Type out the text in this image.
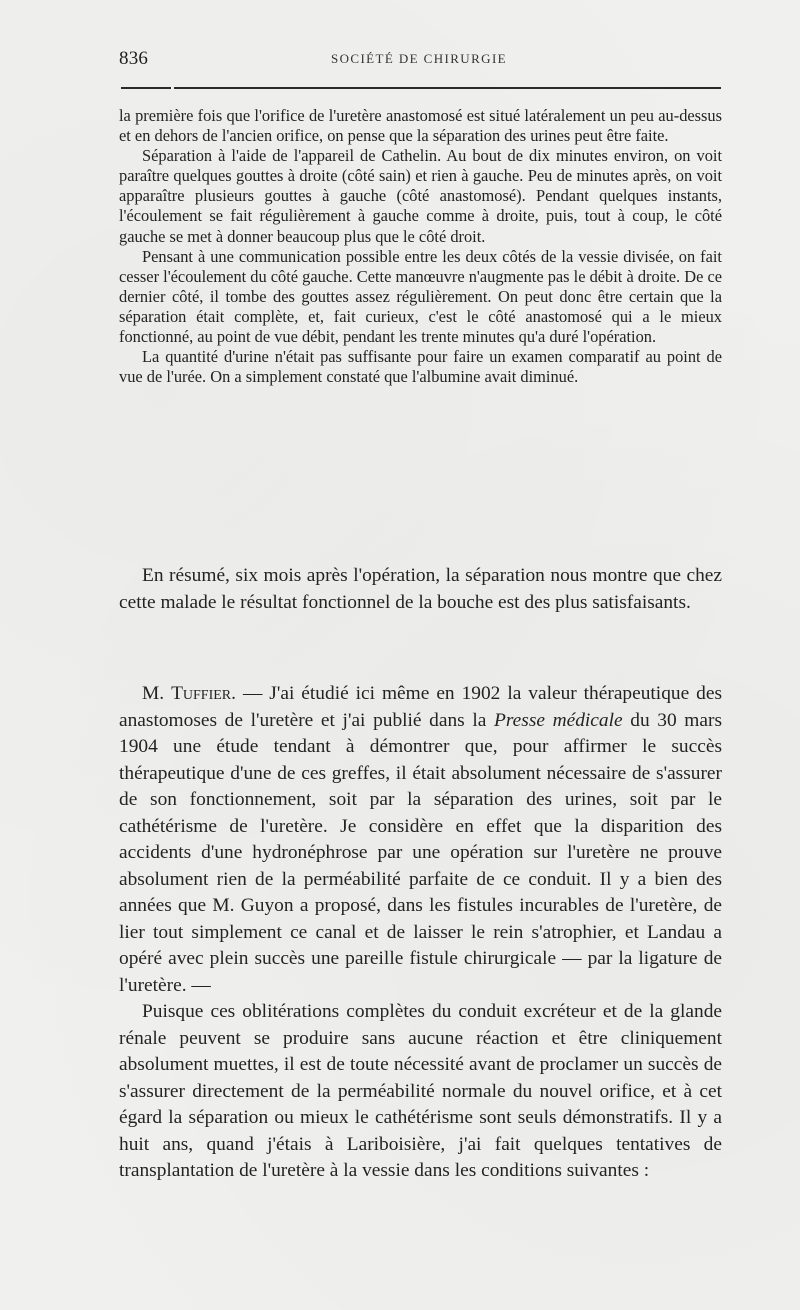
836	SOCIÉTÉ DE CHIRURGIE

la première fois que l'orifice de l'uretère anastomosé est situé latéralement un peu au-dessus et en dehors de l'ancien orifice, on pense que la séparation des urines peut être faite.

Séparation à l'aide de l'appareil de Cathelin. Au bout de dix minutes environ, on voit paraître quelques gouttes à droite (côté sain) et rien à gauche. Peu de minutes après, on voit apparaître plusieurs gouttes à gauche (côté anastomosé). Pendant quelques instants, l'écoulement se fait régulièrement à gauche comme à droite, puis, tout à coup, le côté gauche se met à donner beaucoup plus que le côté droit.

Pensant à une communication possible entre les deux côtés de la vessie divisée, on fait cesser l'écoulement du côté gauche. Cette manœuvre n'augmente pas le débit à droite. De ce dernier côté, il tombe des gouttes assez régulièrement. On peut donc être certain que la séparation était complète, et, fait curieux, c'est le côté anastomosé qui a le mieux fonctionné, au point de vue débit, pendant les trente minutes qu'a duré l'opération.

La quantité d'urine n'était pas suffisante pour faire un examen comparatif au point de vue de l'urée. On a simplement constaté que l'albumine avait diminué.

En résumé, six mois après l'opération, la séparation nous montre que chez cette malade le résultat fonctionnel de la bouche est des plus satisfaisants.

M. Tuffier. — J'ai étudié ici même en 1902 la valeur thérapeutique des anastomoses de l'uretère et j'ai publié dans la Presse médicale du 30 mars 1904 une étude tendant à démontrer que, pour affirmer le succès thérapeutique d'une de ces greffes, il était absolument nécessaire de s'assurer de son fonctionnement, soit par la séparation des urines, soit par le cathétérisme de l'uretère. Je considère en effet que la disparition des accidents d'une hydronéphrose par une opération sur l'uretère ne prouve absolument rien de la perméabilité parfaite de ce conduit. Il y a bien des années que M. Guyon a proposé, dans les fistules incurables de l'uretère, de lier tout simplement ce canal et de laisser le rein s'atrophier, et Landau a opéré avec plein succès une pareille fistule chirurgicale — par la ligature de l'uretère. —

Puisque ces oblitérations complètes du conduit excréteur et de la glande rénale peuvent se produire sans aucune réaction et être cliniquement absolument muettes, il est de toute nécessité avant de proclamer un succès de s'assurer directement de la perméabilité normale du nouvel orifice, et à cet égard la séparation ou mieux le cathétérisme sont seuls démonstratifs. Il y a huit ans, quand j'étais à Lariboisière, j'ai fait quelques tentatives de transplantation de l'uretère à la vessie dans les conditions suivantes :
